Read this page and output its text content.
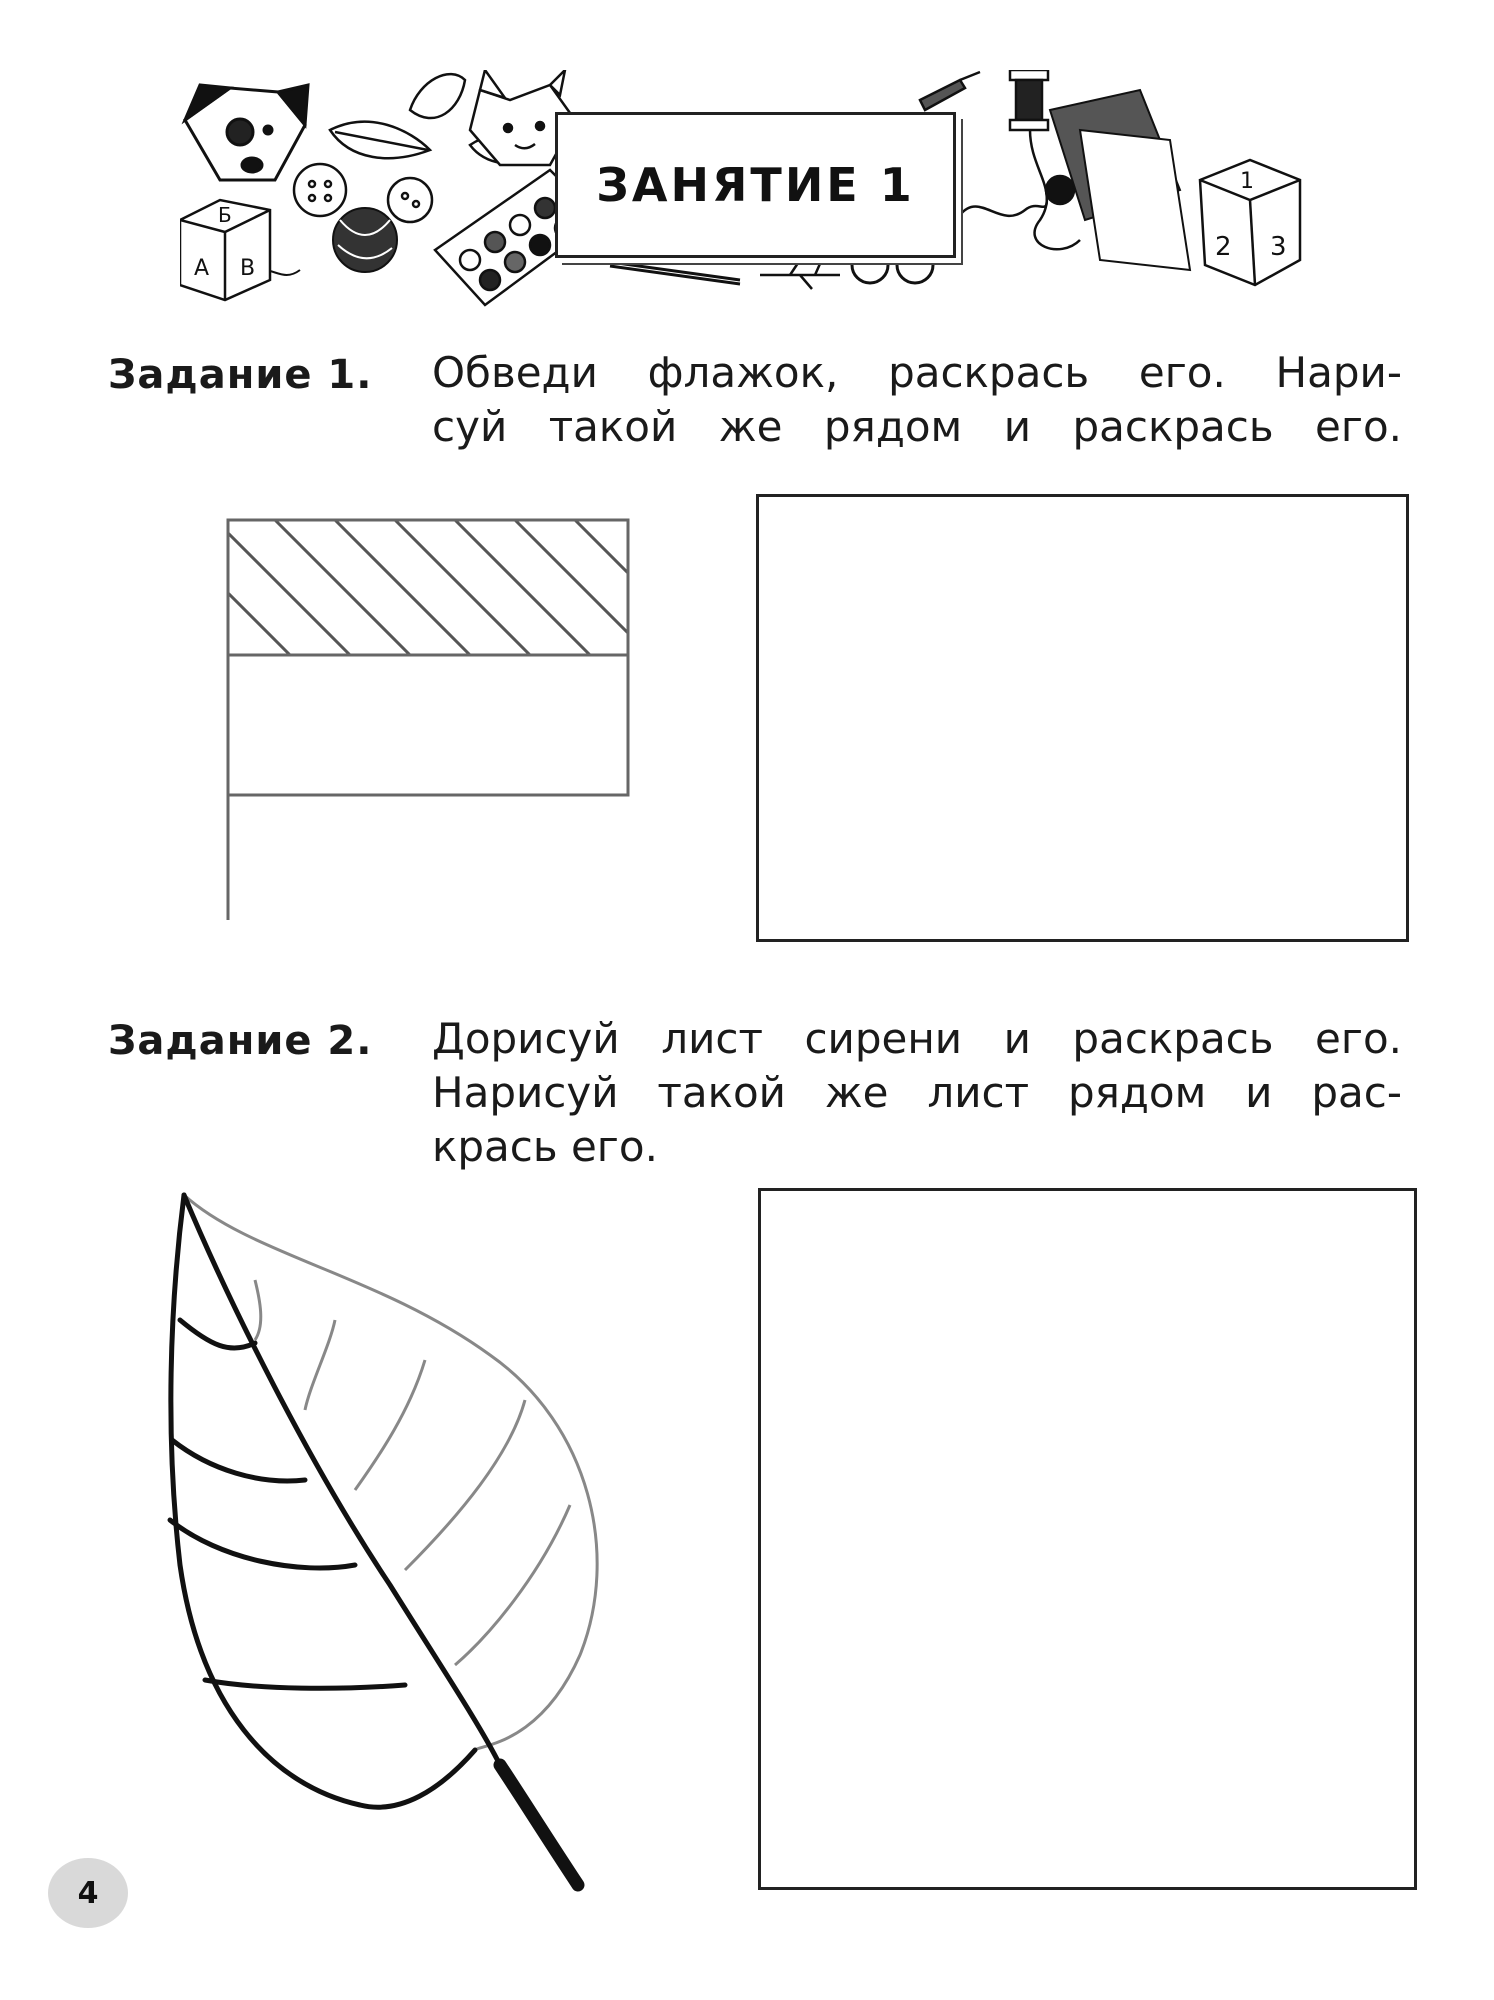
Б
А В
1
2 3
ЗАНЯТИЕ 1
Задание 1. Обведи флажок, раскрась его. Нари-
суй такой же рядом и раскрась его.
Задание 2. Дорисуй лист сирени и раскрась его.
Нарисуй такой же лист рядом и рас-
крась его.
4
